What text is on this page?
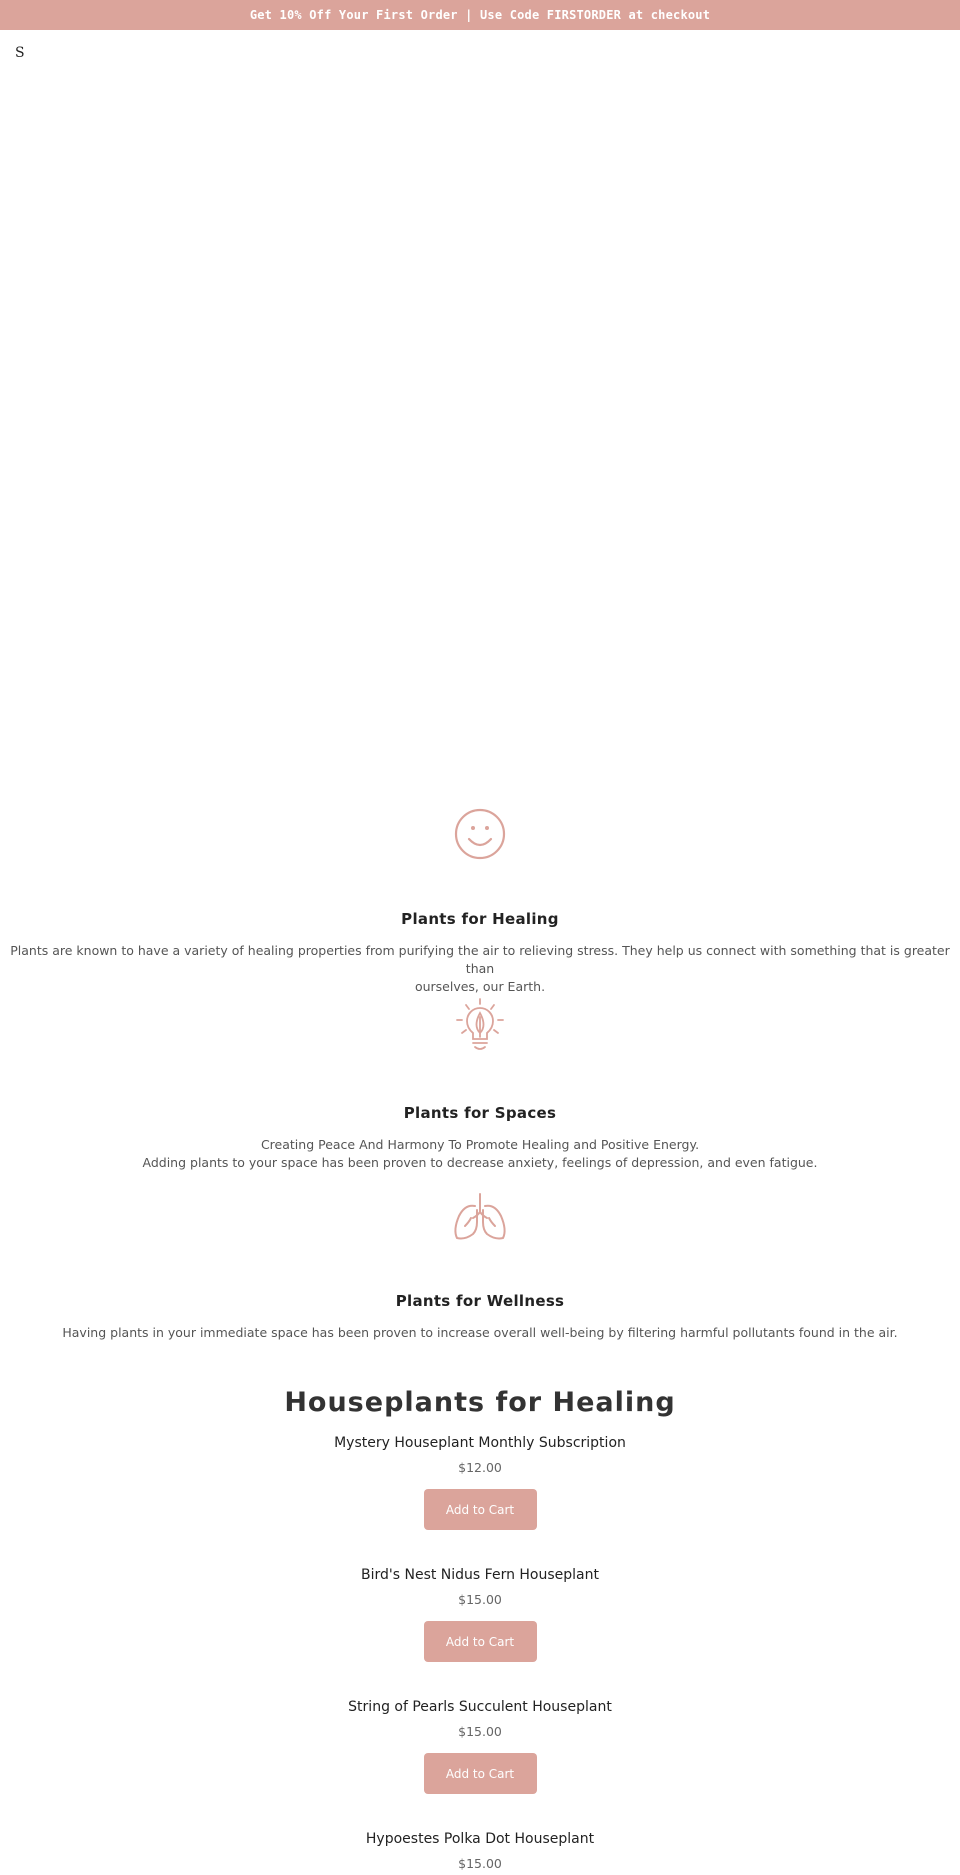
Get 10% Off Your First Order | Use Code FIRSTORDER at checkout
S
Plants for Healing
Plants are known to have a variety of healing properties from purifying the air to relieving stress. They help us connect with something that is greater than
ourselves, our Earth.
Plants for Spaces
Creating Peace And Harmony To Promote Healing and Positive Energy.
Adding plants to your space has been proven to decrease anxiety, feelings of depression, and even fatigue.
Plants for Wellness
Having plants in your immediate space has been proven to increase overall well-being by filtering harmful pollutants found in the air.
Houseplants for Healing
Mystery Houseplant Monthly Subscription
$12.00
Add to Cart
Bird's Nest Nidus Fern Houseplant
$15.00
Add to Cart
String of Pearls Succulent Houseplant
$15.00
Add to Cart
Hypoestes Polka Dot Houseplant
$15.00
